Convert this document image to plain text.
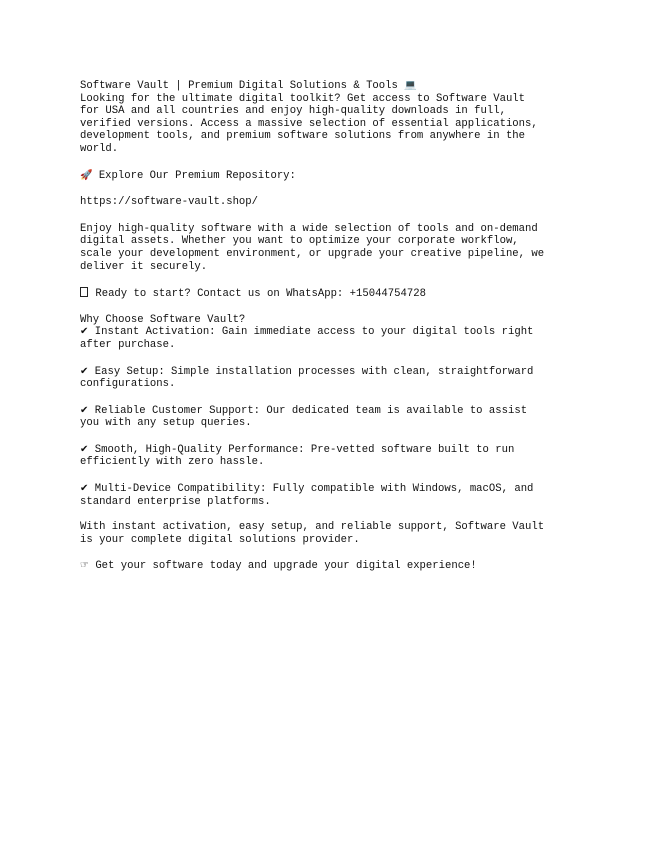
Software Vault | Premium Digital Solutions & Tools 💻
Looking for the ultimate digital toolkit? Get access to Software Vault
for USA and all countries and enjoy high-quality downloads in full,
verified versions. Access a massive selection of essential applications,
development tools, and premium software solutions from anywhere in the
world.
🚀 Explore Our Premium Repository:
https://software-vault.shop/
Enjoy high-quality software with a wide selection of tools and on-demand
digital assets. Whether you want to optimize your corporate workflow,
scale your development environment, or upgrade your creative pipeline, we
deliver it securely.
Ready to start? Contact us on WhatsApp: +15044754728
Why Choose Software Vault?
✔ Instant Activation: Gain immediate access to your digital tools right
after purchase.
✔ Easy Setup: Simple installation processes with clean, straightforward
configurations.
✔ Reliable Customer Support: Our dedicated team is available to assist
you with any setup queries.
✔ Smooth, High-Quality Performance: Pre-vetted software built to run
efficiently with zero hassle.
✔ Multi-Device Compatibility: Fully compatible with Windows, macOS, and
standard enterprise platforms.
With instant activation, easy setup, and reliable support, Software Vault
is your complete digital solutions provider.
☞ Get your software today and upgrade your digital experience!
